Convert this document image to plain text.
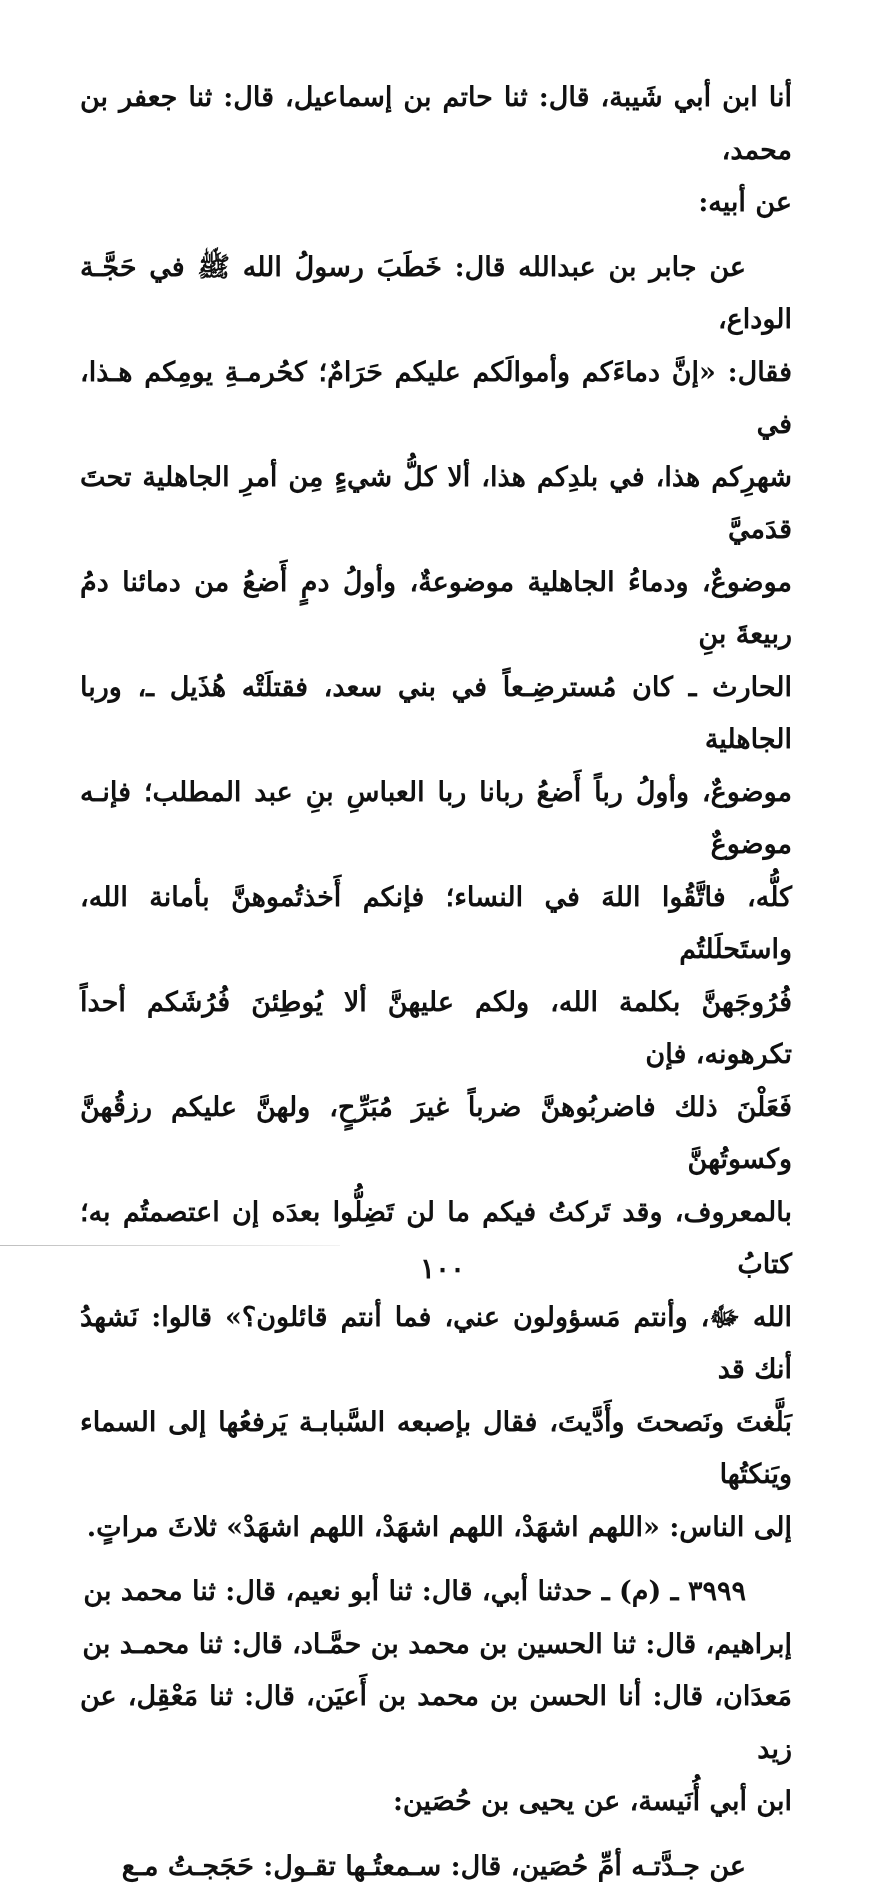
أنا ابن أبي شَيبة، قال: ثنا حاتم بن إسماعيل، قال: ثنا جعفر بن محمد،
عن أبيه:

عن جابر بن عبدالله قال: خَطَبَ رسولُ الله ﷺ في حَجَّـة الوداع،
فقال: «إنَّ دماءَكم وأموالَكم عليكم حَرَامٌ؛ كحُرمـةِ يومِكم هـذا، في
شهرِكم هذا، في بلدِكم هذا، ألا كلُّ شيءٍ مِن أمرِ الجاهلية تحتَ قدَميَّ
موضوعٌ، ودماءُ الجاهلية موضوعةٌ، وأولُ دمٍ أَضعُ من دمائنا دمُ ربيعةَ بنِ
الحارث ـ كان مُسترضِـعاً في بني سعد، فقتلَتْه هُذَيل ـ، وربا الجاهلية
موضوعٌ، وأولُ رباً أَضعُ ربانا ربا العباسِ بنِ عبد المطلب؛ فإنـه موضوعٌ
كلُّه، فاتَّقُوا اللهَ في النساء؛ فإنكم أَخذتُموهنَّ بأمانة الله، واستَحلَلتُم
فُرُوجَهنَّ بكلمة الله، ولكم عليهنَّ ألا يُوطِئنَ فُرُشَكم أحداً تكرهونه، فإن
فَعَلْنَ ذلك فاضربُوهنَّ ضرباً غيرَ مُبَرِّحٍ، ولهنَّ عليكم رزقُهنَّ وكسوتُهنَّ
بالمعروف، وقد تَركتُ فيكم ما لن تَضِلُّوا بعدَه إن اعتصمتُم به؛ كتابُ
الله ﷻ، وأنتم مَسؤولون عني، فما أنتم قائلون؟» قالوا: نَشهدُ أنك قد
بَلَّغتَ ونَصحتَ وأَدَّيتَ، فقال بإصبعه السَّبابـة يَرفعُها إلى السماء ويَنكتُها
إلى الناس: «اللهم اشهَدْ، اللهم اشهَدْ، اللهم اشهَدْ» ثلاثَ مراتٍ.

٣٩٩٩ ـ (م) ـ حدثنا أبي، قال: ثنا أبو نعيم، قال: ثنا محمد بن
إبراهيم، قال: ثنا الحسين بن محمد بن حمَّـاد، قال: ثنا محمـد بن
مَعدَان، قال: أنا الحسن بن محمد بن أَعيَن، قال: ثنا مَعْقِل، عن زيد
ابن أبي أُنَيسة، عن يحيى بن حُصَين:

عن جـدَّتـه أمِّ حُصَين، قال: سـمعتُـها تقـول: حَجَجـتُ مـع

١٠٠
